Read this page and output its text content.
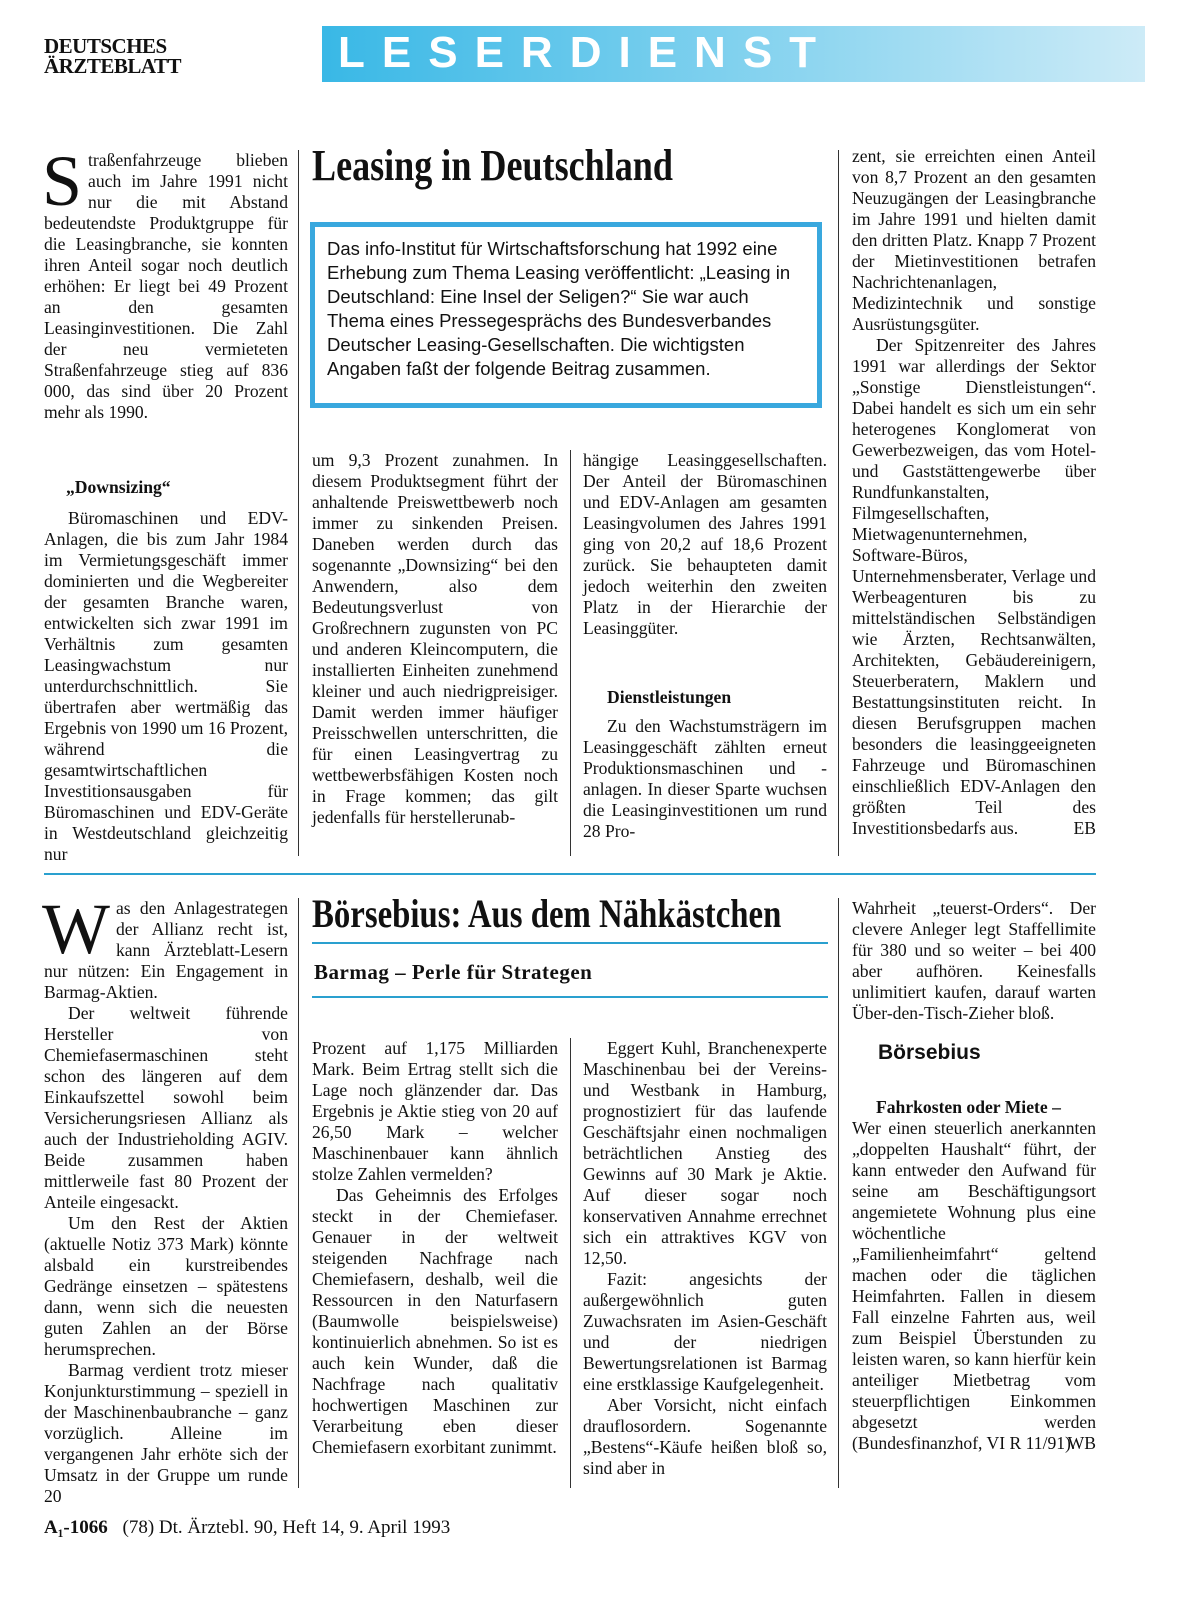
DEUTSCHES
ÄRZTEBLATT	LESERDIENST
S traßenfahrzeuge blieben auch im Jahre 1991 nicht nur die mit Abstand bedeutendste Produktgruppe für die Leasingbranche, sie konnten ihren Anteil sogar noch deutlich erhöhen: Er liegt bei 49 Prozent an den gesamten Leasinginvestitionen. Die Zahl der neu vermieteten Straßenfahrzeuge stieg auf 836 000, das sind über 20 Prozent mehr als 1990.

„Downsizing“

Büromaschinen und EDV-Anlagen, die bis zum Jahr 1984 im Vermietungsgeschäft immer dominierten und die Wegbereiter der gesamten Branche waren, entwickelten sich zwar 1991 im Verhältnis zum gesamten Leasingwachstum nur unterdurchschnittlich. Sie übertrafen aber wertmäßig das Ergebnis von 1990 um 16 Prozent, während die gesamtwirtschaftlichen Investitionsausgaben für Büromaschinen und EDV-Geräte in Westdeutschland gleichzeitig nur

Leasing in Deutschland
Das info-Institut für Wirtschaftsforschung hat 1992 eine Erhebung zum Thema Leasing veröffentlicht: „Leasing in Deutschland: Eine Insel der Seligen?“ Sie war auch Thema eines Pressegesprächs des Bundesverbandes Deutscher Leasing-Gesellschaften. Die wichtigsten Angaben faßt der folgende Beitrag zusammen.

um 9,3 Prozent zunahmen. In diesem Produktsegment führt der anhaltende Preiswettbewerb noch immer zu sinkenden Preisen. Daneben werden durch das sogenannte „Downsizing“ bei den Anwendern, also dem Bedeutungsverlust von Großrechnern zugunsten von PC und anderen Kleincomputern, die installierten Einheiten zunehmend kleiner und auch niedrigpreisiger. Damit werden immer häufiger Preisschwellen unterschritten, die für einen Leasingvertrag zu wettbewerbsfähigen Kosten noch in Frage kommen; das gilt jedenfalls für herstellerunab-

hängige Leasinggesellschaften. Der Anteil der Büromaschinen und EDV-Anlagen am gesamten Leasingvolumen des Jahres 1991 ging von 20,2 auf 18,6 Prozent zurück. Sie behaupteten damit jedoch weiterhin den zweiten Platz in der Hierarchie der Leasinggüter.

Dienstleistungen

Zu den Wachstumsträgern im Leasinggeschäft zählten erneut Produktionsmaschinen und -anlagen. In dieser Sparte wuchsen die Leasinginvestitionen um rund 28 Pro-

zent, sie erreichten einen Anteil von 8,7 Prozent an den gesamten Neuzugängen der Leasingbranche im Jahre 1991 und hielten damit den dritten Platz. Knapp 7 Prozent der Mietinvestitionen betrafen Nachrichtenanlagen, Medizintechnik und sonstige Ausrüstungsgüter.

Der Spitzenreiter des Jahres 1991 war allerdings der Sektor „Sonstige Dienstleistungen“. Dabei handelt es sich um ein sehr heterogenes Konglomerat von Gewerbezweigen, das vom Hotel- und Gaststättengewerbe über Rundfunkanstalten, Filmgesellschaften, Mietwagenunternehmen, Software-Büros, Unternehmensberater, Verlage und Werbeagenturen bis zu mittelständischen Selbständigen wie Ärzten, Rechtsanwälten, Architekten, Gebäudereinigern, Steuerberatern, Maklern und Bestattungsinstituten reicht. In diesen Berufsgruppen machen besonders die leasinggeeigneten Fahrzeuge und Büromaschinen einschließlich EDV-Anlagen den größten Teil des Investitionsbedarfs aus.	EB
W as den Anlagestrategen der Allianz recht ist, kann Ärzteblatt-Lesern nur nützen: Ein Engagement in Barmag-Aktien.

Der weltweit führende Hersteller von Chemiefasermaschinen steht schon des längeren auf dem Einkaufszettel sowohl beim Versicherungsriesen Allianz als auch der Industrieholding AGIV. Beide zusammen haben mittlerweile fast 80 Prozent der Anteile eingesackt.

Um den Rest der Aktien (aktuelle Notiz 373 Mark) könnte alsbald ein kurstreibendes Gedränge einsetzen – spätestens dann, wenn sich die neuesten guten Zahlen an der Börse herumsprechen.

Barmag verdient trotz mieser Konjunkturstimmung – speziell in der Maschinenbaubranche – ganz vorzüglich. Alleine im vergangenen Jahr erhöte sich der Umsatz in der Gruppe um runde 20

Börsebius: Aus dem Nähkästchen
Barmag – Perle für Strategen

Prozent auf 1,175 Milliarden Mark. Beim Ertrag stellt sich die Lage noch glänzender dar. Das Ergebnis je Aktie stieg von 20 auf 26,50 Mark – welcher Maschinenbauer kann ähnlich stolze Zahlen vermelden?

Das Geheimnis des Erfolges steckt in der Chemiefaser. Genauer in der weltweit steigenden Nachfrage nach Chemiefasern, deshalb, weil die Ressourcen in den Naturfasern (Baumwolle beispielsweise) kontinuierlich abnehmen. So ist es auch kein Wunder, daß die Nachfrage nach qualitativ hochwertigen Maschinen zur Verarbeitung eben dieser Chemiefasern exorbitant zunimmt.

Eggert Kuhl, Branchenexperte Maschinenbau bei der Vereins- und Westbank in Hamburg, prognostiziert für das laufende Geschäftsjahr einen nochmaligen beträchtlichen Anstieg des Gewinns auf 30 Mark je Aktie. Auf dieser sogar noch konservativen Annahme errechnet sich ein attraktives KGV von 12,50.

Fazit: angesichts der außergewöhnlich guten Zuwachsraten im Asien-Geschäft und der niedrigen Bewertungsrelationen ist Barmag eine erstklassige Kaufgelegenheit.

Aber Vorsicht, nicht einfach drauflosordern. Sogenannte „Bestens“-Käufe heißen bloß so, sind aber in

Wahrheit „teuerst-Orders“. Der clevere Anleger legt Staffellimite für 380 und so weiter – bei 400 aber aufhören. Keinesfalls unlimitiert kaufen, darauf warten Über-den-Tisch-Zieher bloß.

Börsebius
Fahrkosten oder Miete –

Wer einen steuerlich anerkannten „doppelten Haushalt“ führt, der kann entweder den Aufwand für seine am Beschäftigungsort angemietete Wohnung plus eine wöchentliche „Familienheimfahrt“ geltend machen oder die täglichen Heimfahrten. Fallen in diesem Fall einzelne Fahrten aus, weil zum Beispiel Überstunden zu leisten waren, so kann hierfür kein anteiliger Mietbetrag vom steuerpflichtigen Einkommen abgesetzt werden (Bundesfinanzhof, VI R 11/91).

WB
A₁-1066 (78) Dt. Ärztebl. 90, Heft 14, 9. April 1993
